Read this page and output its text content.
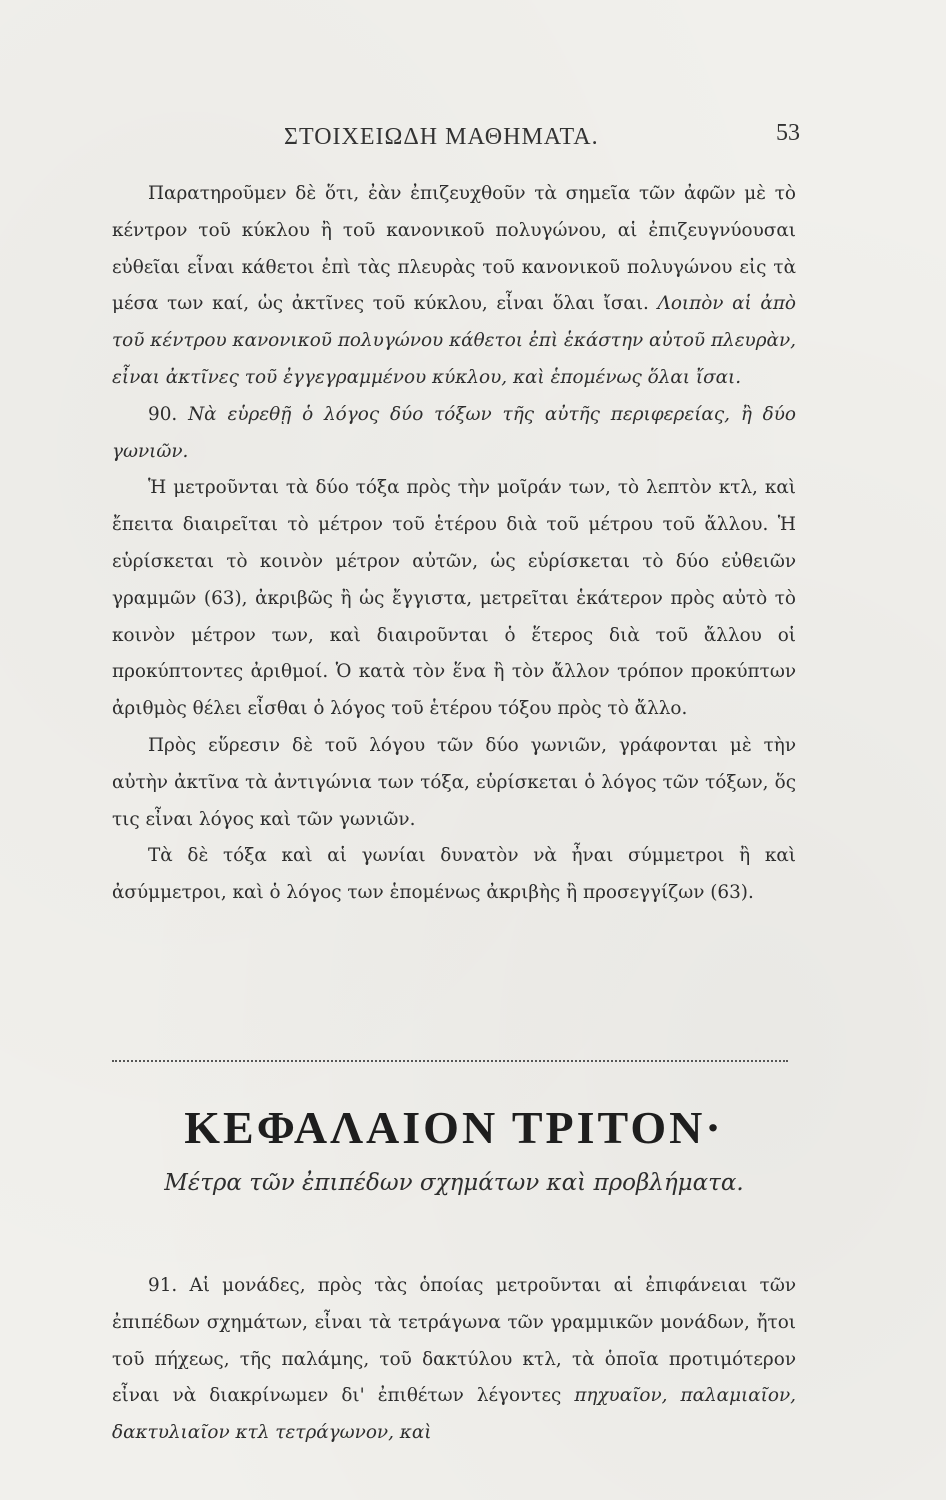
ΣΤΟΙΧΕΙΩΔΗ ΜΑΘΗΜΑΤΑ.	53

Παρατηροῦμεν δὲ ὅτι, ἐὰν ἐπιζευχθοῦν τὰ σημεῖα τῶν ἀφῶν μὲ τὸ κέντρον τοῦ κύκλου ἢ τοῦ κανονικοῦ πολυγώνου, αἱ ἐπιζευγνύουσαι εὐθεῖαι εἶναι κάθετοι ἐπὶ τὰς πλευρὰς τοῦ κανονικοῦ πολυγώνου εἰς τὰ μέσα των καί, ὡς ἀκτῖνες τοῦ κύκλου, εἶναι ὅλαι ἴσαι. Λοιπὸν αἱ ἀπὸ τοῦ κέντρου κανονικοῦ πολυγώνου κάθετοι ἐπὶ ἑκάστην αὐτοῦ πλευρὰν, εἶναι ἀκτῖνες τοῦ ἐγγεγραμμένου κύκλου, καὶ ἑπομένως ὅλαι ἴσαι.

90. Νὰ εὑρεθῇ ὁ λόγος δύο τόξων τῆς αὐτῆς περιφερείας, ἢ δύο γωνιῶν.

Ἡ μετροῦνται τὰ δύο τόξα πρὸς τὴν μοῖράν των, τὸ λεπτὸν κτλ, καὶ ἔπειτα διαιρεῖται τὸ μέτρον τοῦ ἑτέρου διὰ τοῦ μέτρου τοῦ ἄλλου. Ἡ εὑρίσκεται τὸ κοινὸν μέτρον αὐτῶν, ὡς εὑρίσκεται τὸ δύο εὐθειῶν γραμμῶν (63), ἀκριβῶς ἢ ὡς ἔγγιστα, μετρεῖται ἑκάτερον πρὸς αὐτὸ τὸ κοινὸν μέτρον των, καὶ διαιροῦνται ὁ ἕτερος διὰ τοῦ ἄλλου οἱ προκύπτοντες ἀριθμοί. Ὁ κατὰ τὸν ἕνα ἢ τὸν ἄλλον τρόπον προκύπτων ἀριθμὸς θέλει εἶσθαι ὁ λόγος τοῦ ἑτέρου τόξου πρὸς τὸ ἄλλο.

Πρὸς εὕρεσιν δὲ τοῦ λόγου τῶν δύο γωνιῶν, γράφονται μὲ τὴν αὐτὴν ἀκτῖνα τὰ ἀντιγώνια των τόξα, εὑρίσκεται ὁ λόγος τῶν τόξων, ὅς τις εἶναι λόγος καὶ τῶν γωνιῶν.

Τὰ δὲ τόξα καὶ αἱ γωνίαι δυνατὸν νὰ ἦναι σύμμετροι ἢ καὶ ἀσύμμετροι, καὶ ὁ λόγος των ἑπομένως ἀκριβὴς ἢ προσεγγίζων (63).

ΚΕΦΑΛΑΙΟΝ ΤΡΙΤΟΝ·

Μέτρα τῶν ἐπιπέδων σχημάτων καὶ προβλήματα.

91. Αἱ μονάδες, πρὸς τὰς ὁποίας μετροῦνται αἱ ἐπιφάνειαι τῶν ἐπιπέδων σχημάτων, εἶναι τὰ τετράγωνα τῶν γραμμικῶν μονάδων, ἤτοι τοῦ πήχεως, τῆς παλάμης, τοῦ δακτύλου κτλ, τὰ ὁποῖα προτιμότερον εἶναι νὰ διακρίνωμεν δι' ἐπιθέτων λέγοντες πηχυαῖον, παλαμιαῖον, δακτυλιαῖον κτλ τετράγωνον, καὶ
